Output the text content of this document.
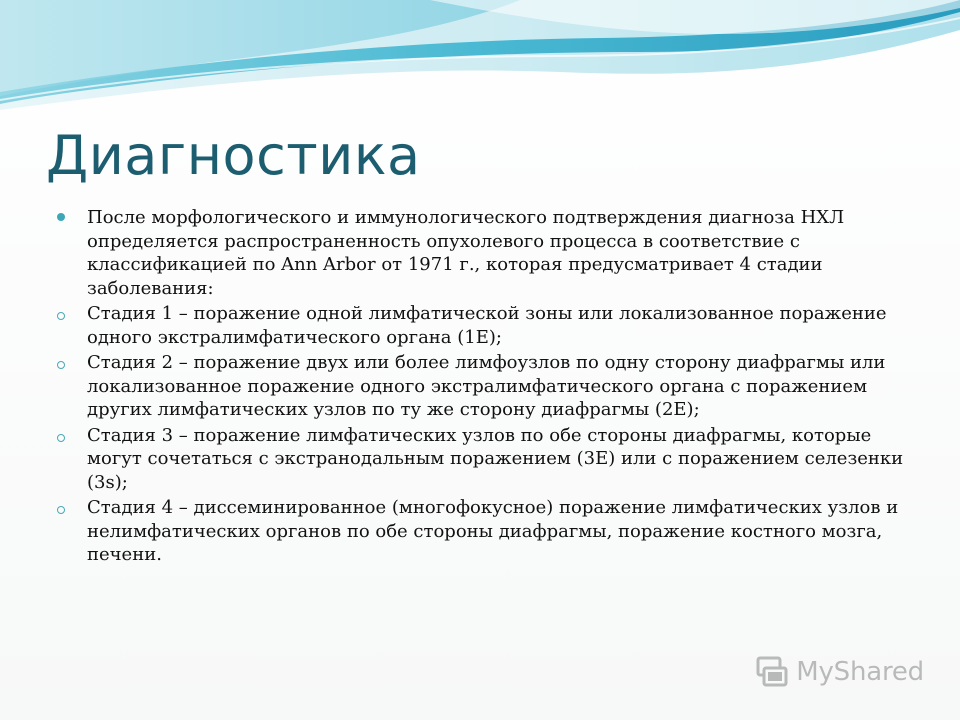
Диагностика
После морфологического и иммунологического подтверждения диагноза НХЛ определяется распространенность опухолевого процесса в соответствие с классификацией по Ann Arbor от 1971 г., которая предусматривает 4 стадии заболевания:
Стадия 1 – поражение одной лимфатической зоны или локализованное поражение одного экстралимфатического органа (1Е);
Стадия 2 – поражение двух или более лимфоузлов по одну сторону диафрагмы или локализованное поражение одного экстралимфатического органа с поражением других лимфатических узлов по ту же сторону диафрагмы (2Е);
Стадия 3 – поражение лимфатических узлов по обе стороны диафрагмы, которые могут сочетаться с экстранодальным поражением (3Е) или с поражением селезенки (3s);
Стадия 4 – диссеминированное (многофокусное) поражение лимфатических узлов и нелимфатических органов по обе стороны диафрагмы, поражение костного мозга, печени.
MyShared
